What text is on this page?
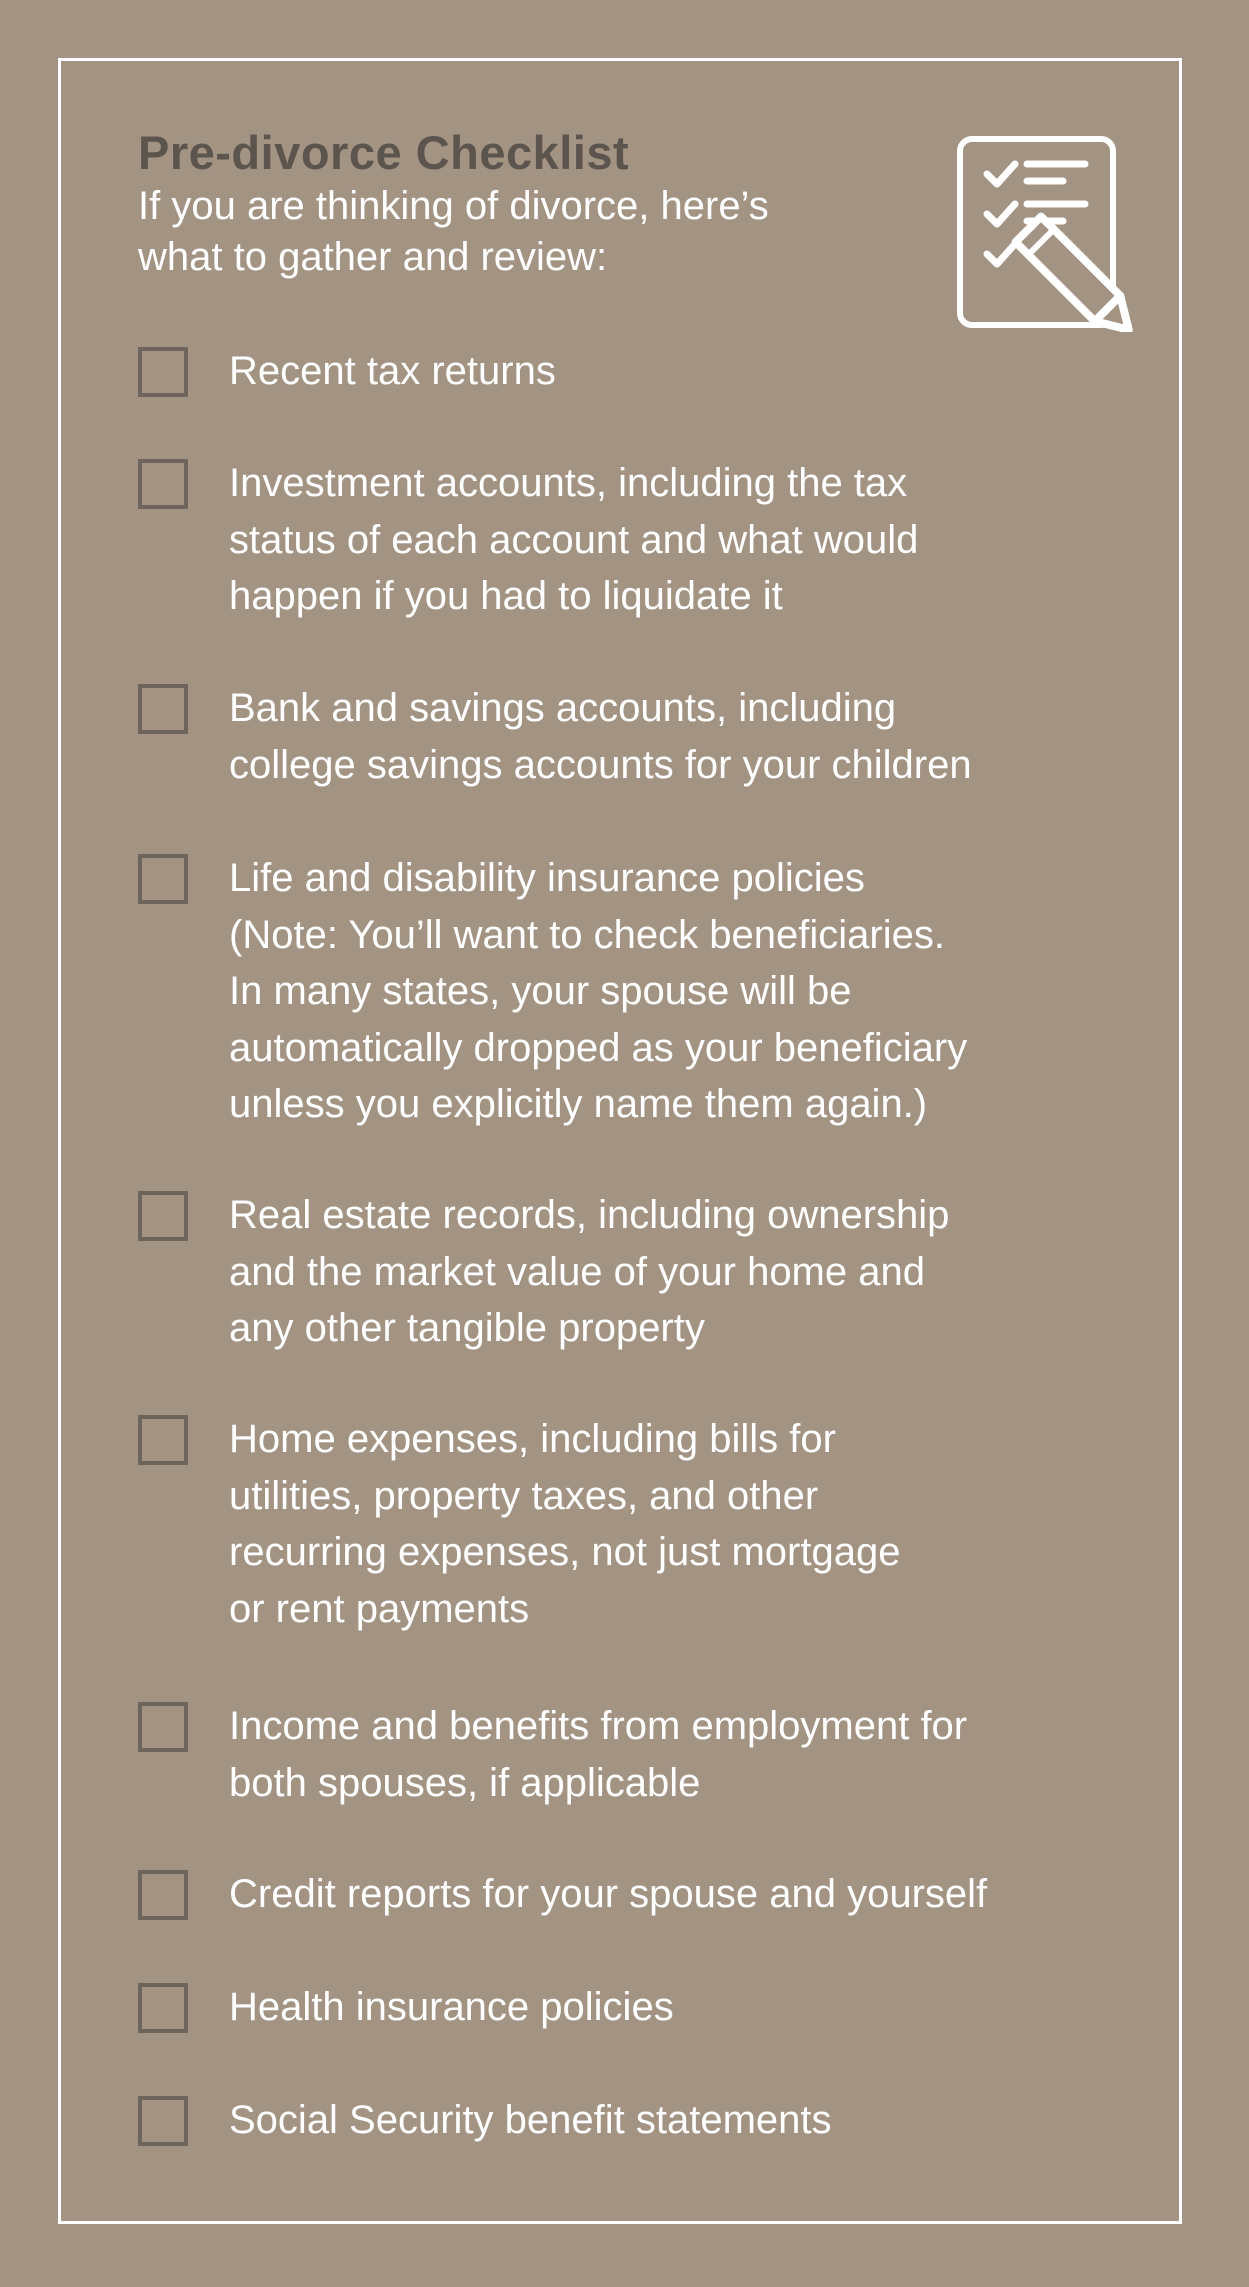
Pre-divorce Checklist

If you are thinking of divorce, here’s
what to gather and review:

Recent tax returns
Investment accounts, including the tax
status of each account and what would
happen if you had to liquidate it
Bank and savings accounts, including
college savings accounts for your children
Life and disability insurance policies
(Note: You’ll want to check beneficiaries.
In many states, your spouse will be
automatically dropped as your beneficiary
unless you explicitly name them again.)
Real estate records, including ownership
and the market value of your home and
any other tangible property
Home expenses, including bills for
utilities, property taxes, and other
recurring expenses, not just mortgage
or rent payments
Income and benefits from employment for
both spouses, if applicable
Credit reports for your spouse and yourself
Health insurance policies
Social Security benefit statements
